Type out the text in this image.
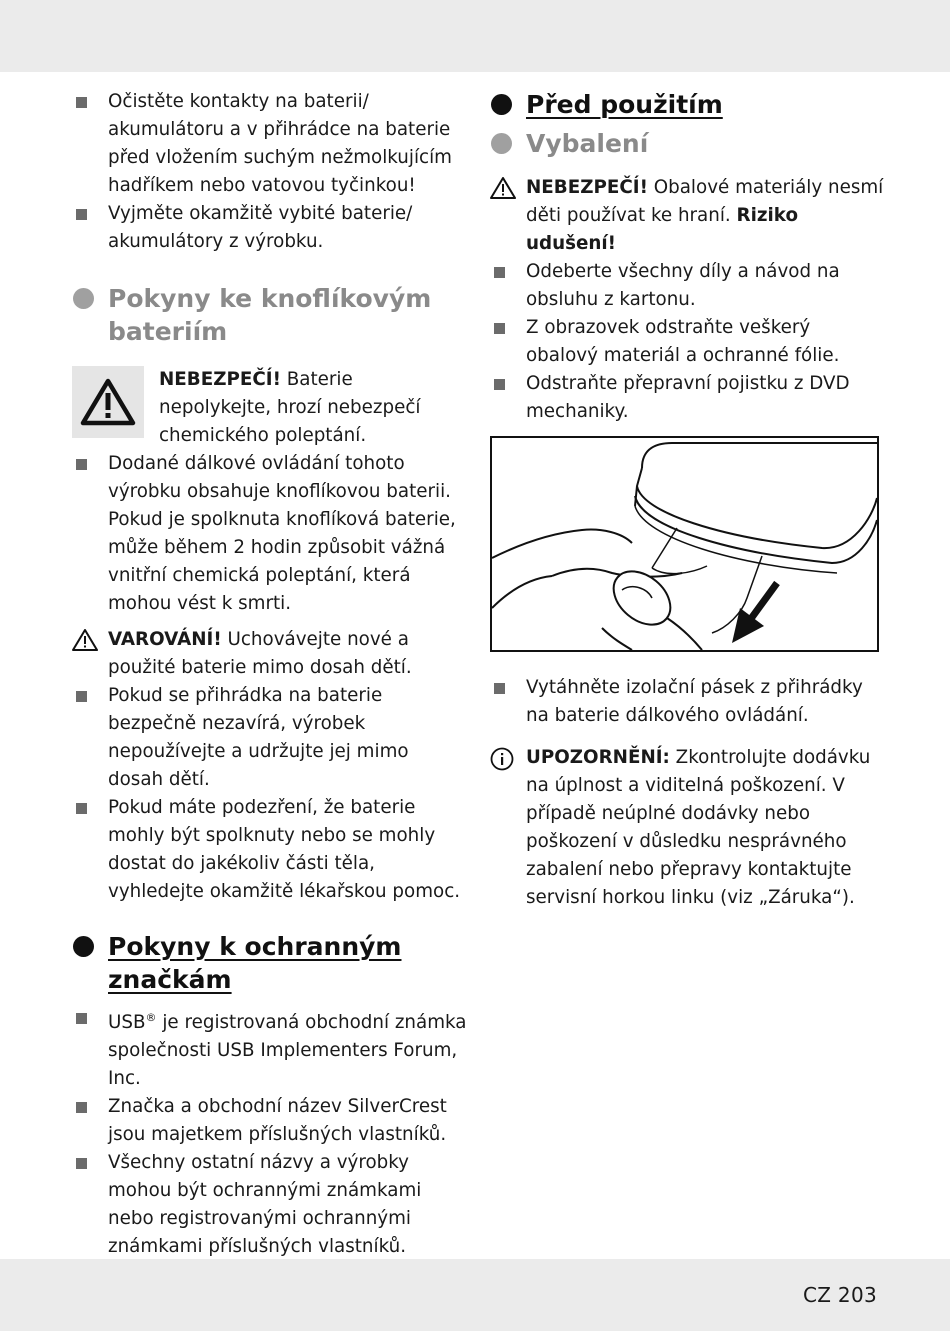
Očistěte kontakty na baterii/ akumulátoru a v přihrádce na baterie před vložením suchým nežmolkujícím hadříkem nebo vatovou tyčinkou!
Vyjměte okamžitě vybité baterie/ akumulátory z výrobku.
Pokyny ke knoflíkovým
bateriím
NEBEZPEČÍ! Baterie nepolykejte, hrozí nebezpečí chemického poleptání.
Dodané dálkové ovládání tohoto výrobku obsahuje knoflíkovou baterii. Pokud je spolknuta knoflíková baterie, může během 2 hodin způsobit vážná vnitřní chemická poleptání, která mohou vést k smrti.
VAROVÁNÍ! Uchovávejte nové a použité baterie mimo dosah dětí.
Pokud se přihrádka na baterie bezpečně nezavírá, výrobek nepoužívejte a udržujte jej mimo dosah dětí.
Pokud máte podezření, že baterie mohly být spolknuty nebo se mohly dostat do jakékoliv části těla, vyhledejte okamžitě lékařskou pomoc.
Pokyny k ochranným
značkám
USB® je registrovaná obchodní známka společnosti USB Implementers Forum, Inc.
Značka a obchodní název SilverCrest jsou majetkem příslušných vlastníků.
Všechny ostatní názvy a výrobky mohou být ochrannými známkami nebo registrovanými ochrannými známkami příslušných vlastníků.
Před použitím
Vybalení
NEBEZPEČÍ! Obalové materiály nesmí děti používat ke hraní. Riziko udušení!
Odeberte všechny díly a návod na obsluhu z kartonu.
Z obrazovek odstraňte veškerý obalový materiál a ochranné fólie.
Odstraňte přepravní pojistku z DVD mechaniky.
Vytáhněte izolační pásek z přihrádky na baterie dálkového ovládání.
UPOZORNĚNÍ: Zkontrolujte dodávku na úplnost a viditelná poškození. V případě neúplné dodávky nebo poškození v důsledku nesprávného zabalení nebo přepravy kontaktujte servisní horkou linku (viz „Záruka“).
CZ 203
